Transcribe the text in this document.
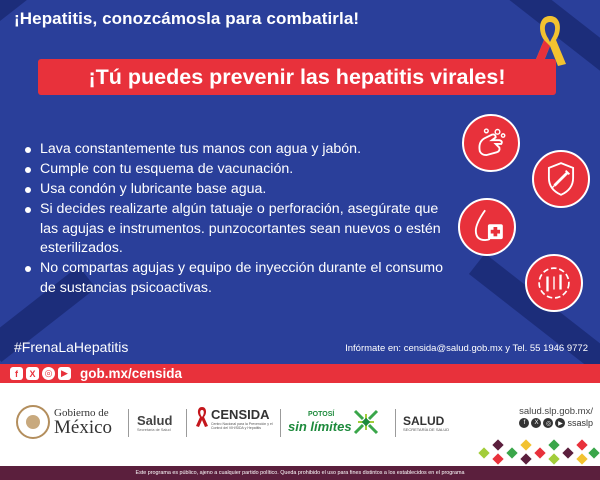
¡Hepatitis, conozcámosla para combatirla!
¡Tú puedes prevenir las hepatitis virales!
Lava constantemente tus manos con agua y jabón.
Cumple con tu esquema de vacunación.
Usa condón y lubricante base agua.
Si decides realizarte algún tatuaje o perforación, asegúrate que las agujas e instrumentos. punzocortantes sean nuevos o estén esterilizados.
No compartas agujas y equipo de inyección durante el consumo de sustancias psicoactivas.
#FrenaLaHepatitis	Infórmate en: censida@salud.gob.mx y Tel. 55 1946 9772
f	X	◎ ▶ gob.mx/censida
Gobierno de
México Salud
Secretaría de Salud
CENSIDA
Centro Nacional para la Prevención y el Control del VIH/SIDA y Hepatitis
POTOSÍ
sin límites	SALUD
SECRETARÍA DE SALUD
salud.slp.gob.mx/
f	X	◎	▶ ssaslp
Este programa es público, ajeno a cualquier partido político. Queda prohibido el uso para fines distintos a los establecidos en el programa
